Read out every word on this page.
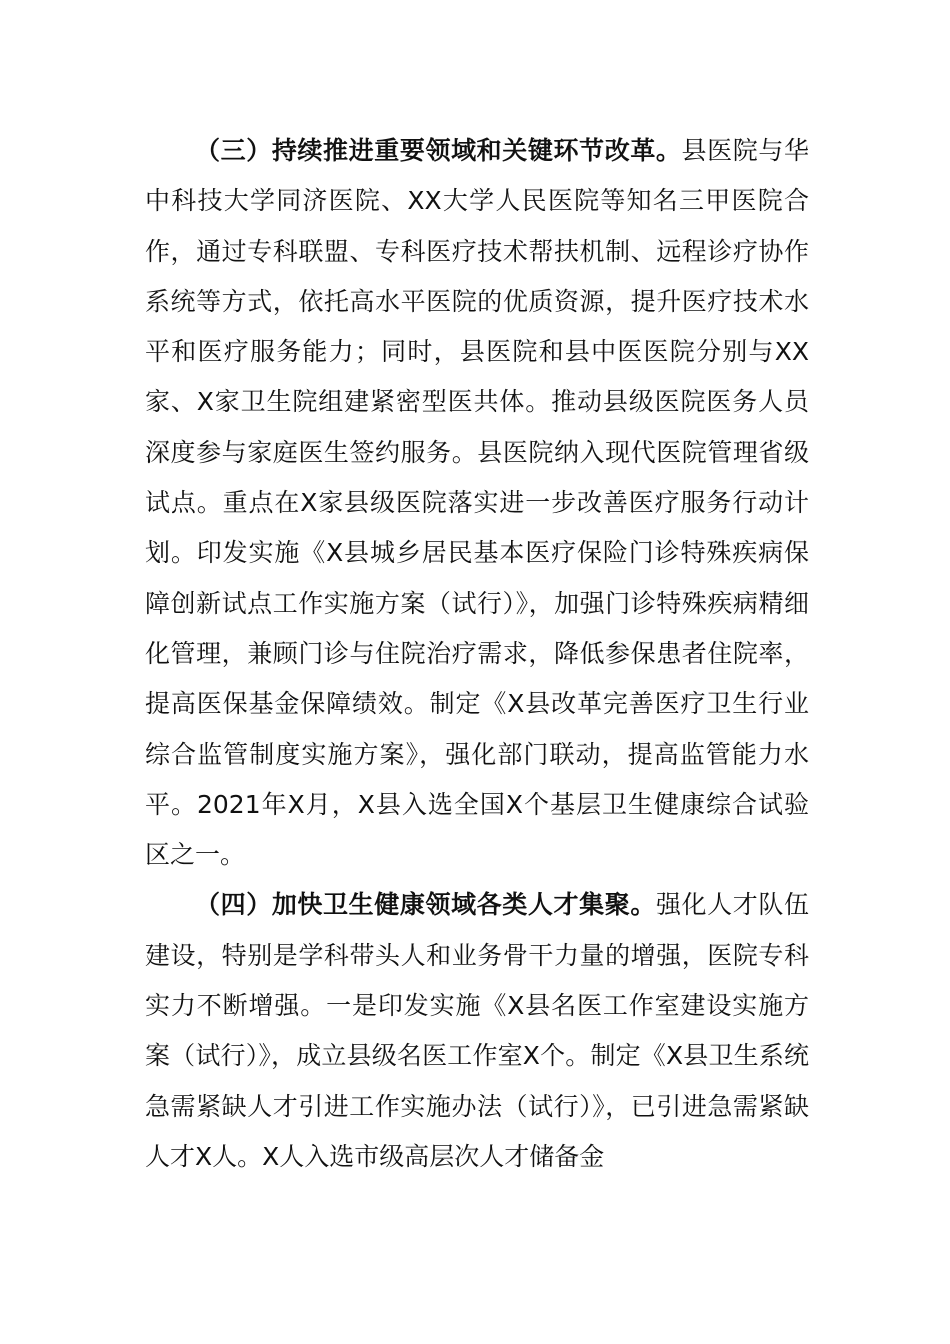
（三）持续推进重要领域和关键环节改革。县医院与华中科技大学同济医院、XX大学人民医院等知名三甲医院合作，通过专科联盟、专科医疗技术帮扶机制、远程诊疗协作系统等方式，依托高水平医院的优质资源，提升医疗技术水平和医疗服务能力；同时，县医院和县中医医院分别与XX家、X家卫生院组建紧密型医共体。推动县级医院医务人员深度参与家庭医生签约服务。县医院纳入现代医院管理省级试点。重点在X家县级医院落实进一步改善医疗服务行动计划。印发实施《X县城乡居民基本医疗保险门诊特殊疾病保障创新试点工作实施方案（试行）》，加强门诊特殊疾病精细化管理，兼顾门诊与住院治疗需求，降低参保患者住院率，提高医保基金保障绩效。制定《X县改革完善医疗卫生行业综合监管制度实施方案》，强化部门联动，提高监管能力水平。2021年X月，X县入选全国X个基层卫生健康综合试验区之一。

（四）加快卫生健康领域各类人才集聚。强化人才队伍建设，特别是学科带头人和业务骨干力量的增强，医院专科实力不断增强。一是印发实施《X县名医工作室建设实施方案（试行）》，成立县级名医工作室X个。制定《X县卫生系统急需紧缺人才引进工作实施办法（试行）》，已引进急需紧缺人才X人。X人入选市级高层次人才储备金
